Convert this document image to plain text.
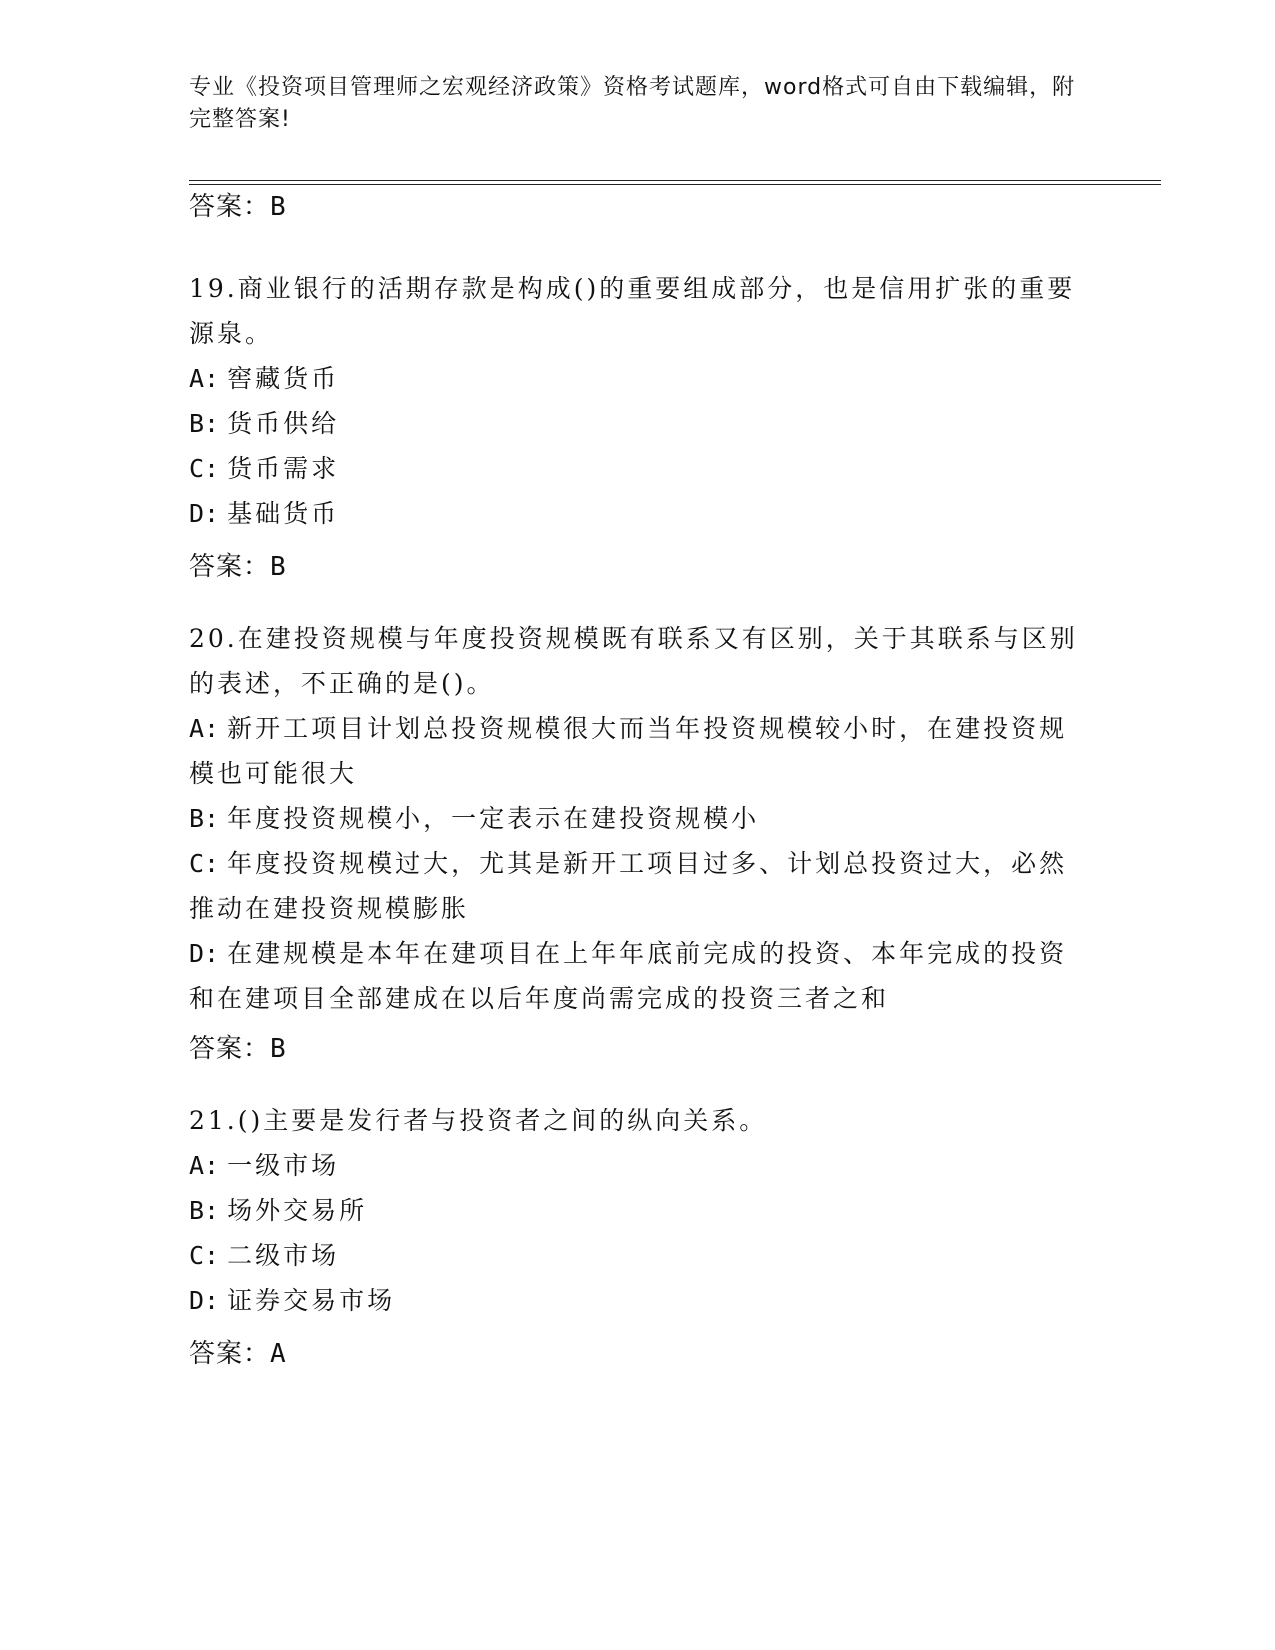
专业《投资项目管理师之宏观经济政策》资格考试题库，word格式可自由下载编辑，附完整答案!
答案：B

19.商业银行的活期存款是构成()的重要组成部分，也是信用扩张的重要源泉。

A: 窖藏货币

B: 货币供给

C: 货币需求

D: 基础货币

答案：B

20.在建投资规模与年度投资规模既有联系又有区别，关于其联系与区别的表述，不正确的是()。

A: 新开工项目计划总投资规模很大而当年投资规模较小时，在建投资规模也可能很大

B: 年度投资规模小，一定表示在建投资规模小

C: 年度投资规模过大，尤其是新开工项目过多、计划总投资过大，必然推动在建投资规模膨胀

D: 在建规模是本年在建项目在上年年底前完成的投资、本年完成的投资和在建项目全部建成在以后年度尚需完成的投资三者之和

答案：B

21.()主要是发行者与投资者之间的纵向关系。

A: 一级市场

B: 场外交易所

C: 二级市场

D: 证券交易市场

答案：A
